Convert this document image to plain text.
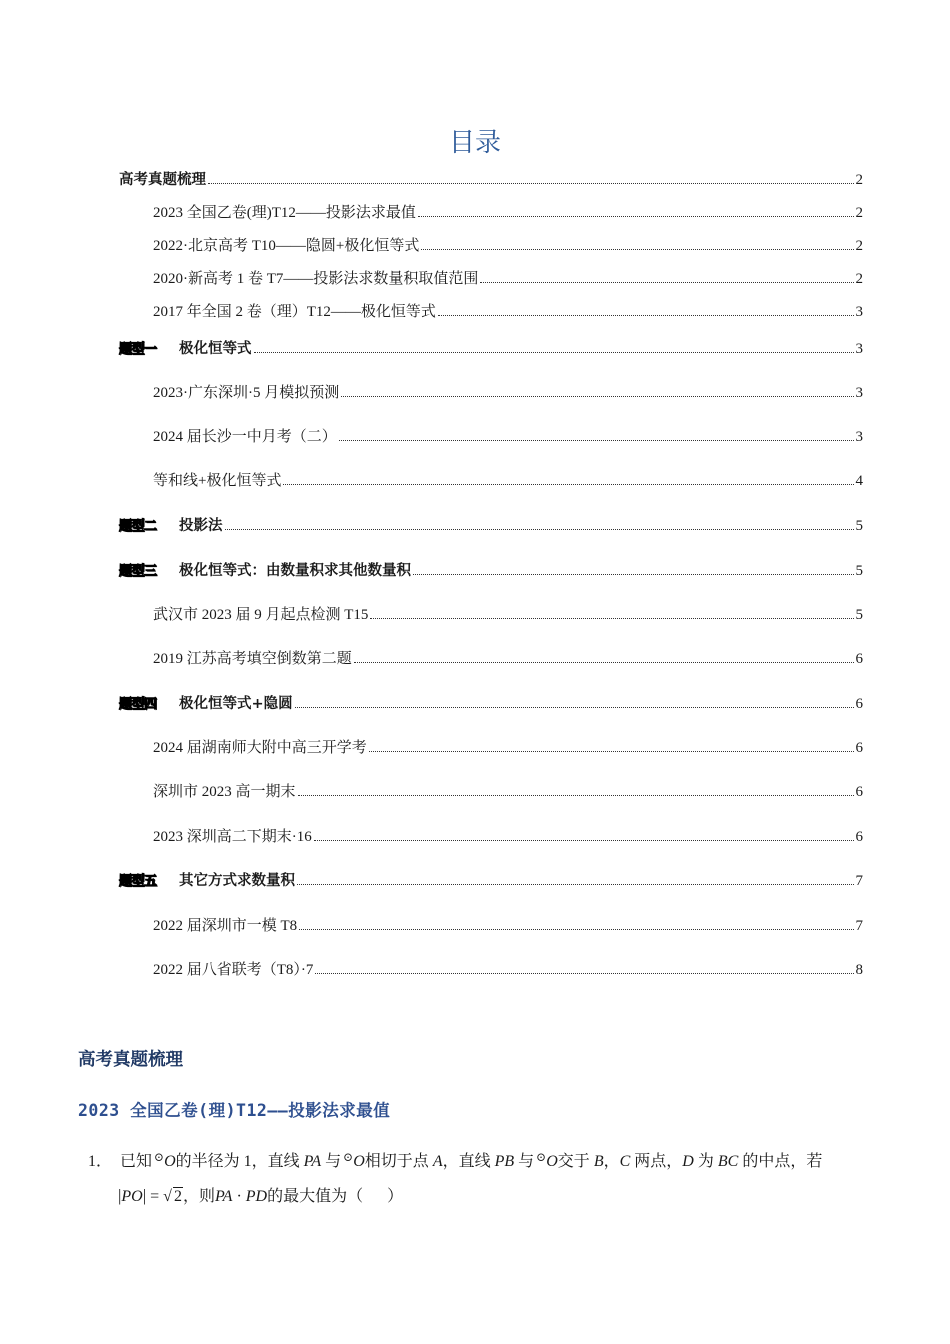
目录
高考真题梳理	2
2023 全国乙卷(理)T12——投影法求最值	2
2022·北京高考 T10——隐圆+极化恒等式	2
2020·新高考 1 卷 T7——投影法求数量积取值范围	2
2017 年全国 2 卷（理）T12——极化恒等式	3
题型一	极化恒等式	3
2023·广东深圳·5 月模拟预测	3
2024 届长沙一中月考（二）	3
等和线+极化恒等式	4
题型二	投影法	5
题型三	极化恒等式：由数量积求其他数量积	5
武汉市 2023 届 9 月起点检测 T15	5
2019 江苏高考填空倒数第二题	6
题型四	极化恒等式+隐圆	6
2024 届湖南师大附中高三开学考	6
深圳市 2023 高一期末	6
2023 深圳高二下期末·16	6
题型五	其它方式求数量积	7
2022 届深圳市一模 T8	7
2022 届八省联考（T8）·7	8
高考真题梳理
2023 全国乙卷(理)T12——投影法求最值
1． 已知 ⊙O的半径为 1，直线 PA 与 ⊙O相切于点 A，直线 PB 与 ⊙O交于 B，C 两点，D 为 BC 的中点，若
|PO| = √ 2，则PA · PD的最大值为（ ）
